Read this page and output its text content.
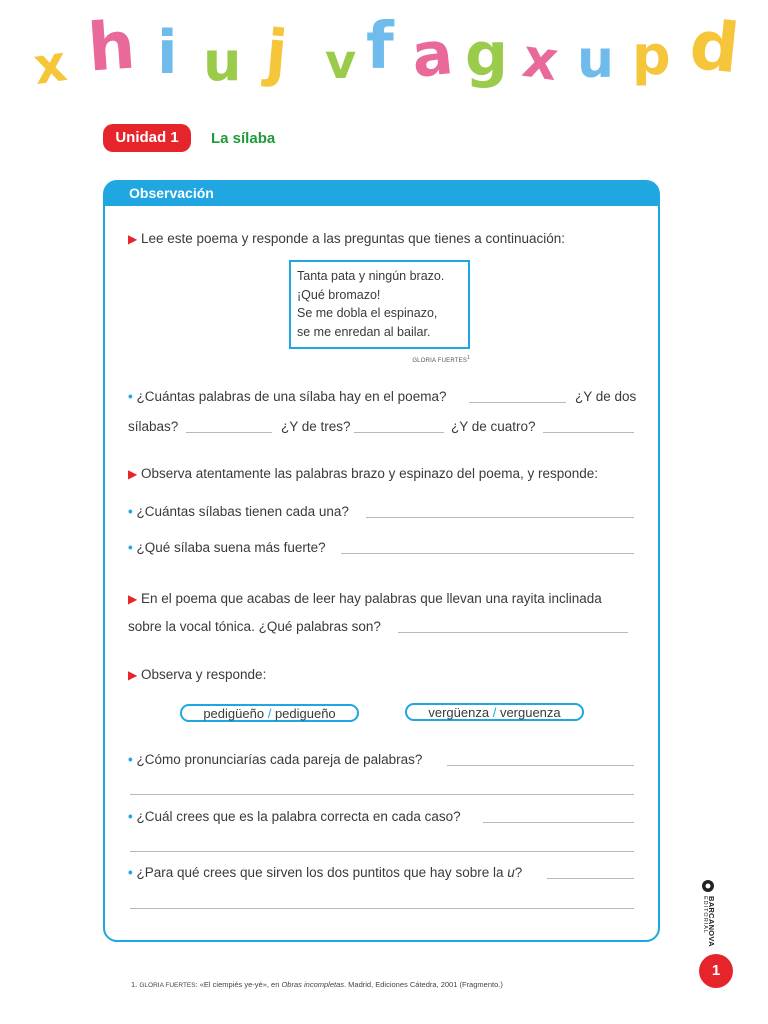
x h i u j v f a g x u p d
Unidad 1	La sílaba
Observación
▶ Lee este poema y responde a las preguntas que tienes a continuación:
Tanta pata y ningún brazo.
¡Qué bromazo!
Se me dobla el espinazo,
se me enredan al bailar.
GLORIA FUERTES$^1$
• ¿Cuántas palabras de una sílaba hay en el poema?	¿Y de dos
sílabas?	¿Y de tres?	¿Y de cuatro?
▶ Observa atentamente las palabras brazo y espinazo del poema, y responde:
• ¿Cuántas sílabas tienen cada una?
• ¿Qué sílaba suena más fuerte?
▶ En el poema que acabas de leer hay palabras que llevan una rayita inclinada
sobre la vocal tónica. ¿Qué palabras son?
▶ Observa y responde:
pedigüeño / pedigueño	vergüenza / verguenza
• ¿Cómo pronunciarías cada pareja de palabras?
• ¿Cuál crees que es la palabra correcta en cada caso?
• ¿Para qué crees que sirven los dos puntitos que hay sobre la u?
BARCANOVA
EDITORIAL
1
1. GLORIA FUERTES: «El ciempiés ye-yé», en Obras incompletas. Madrid, Ediciones Cátedra, 2001 (Fragmento.)
